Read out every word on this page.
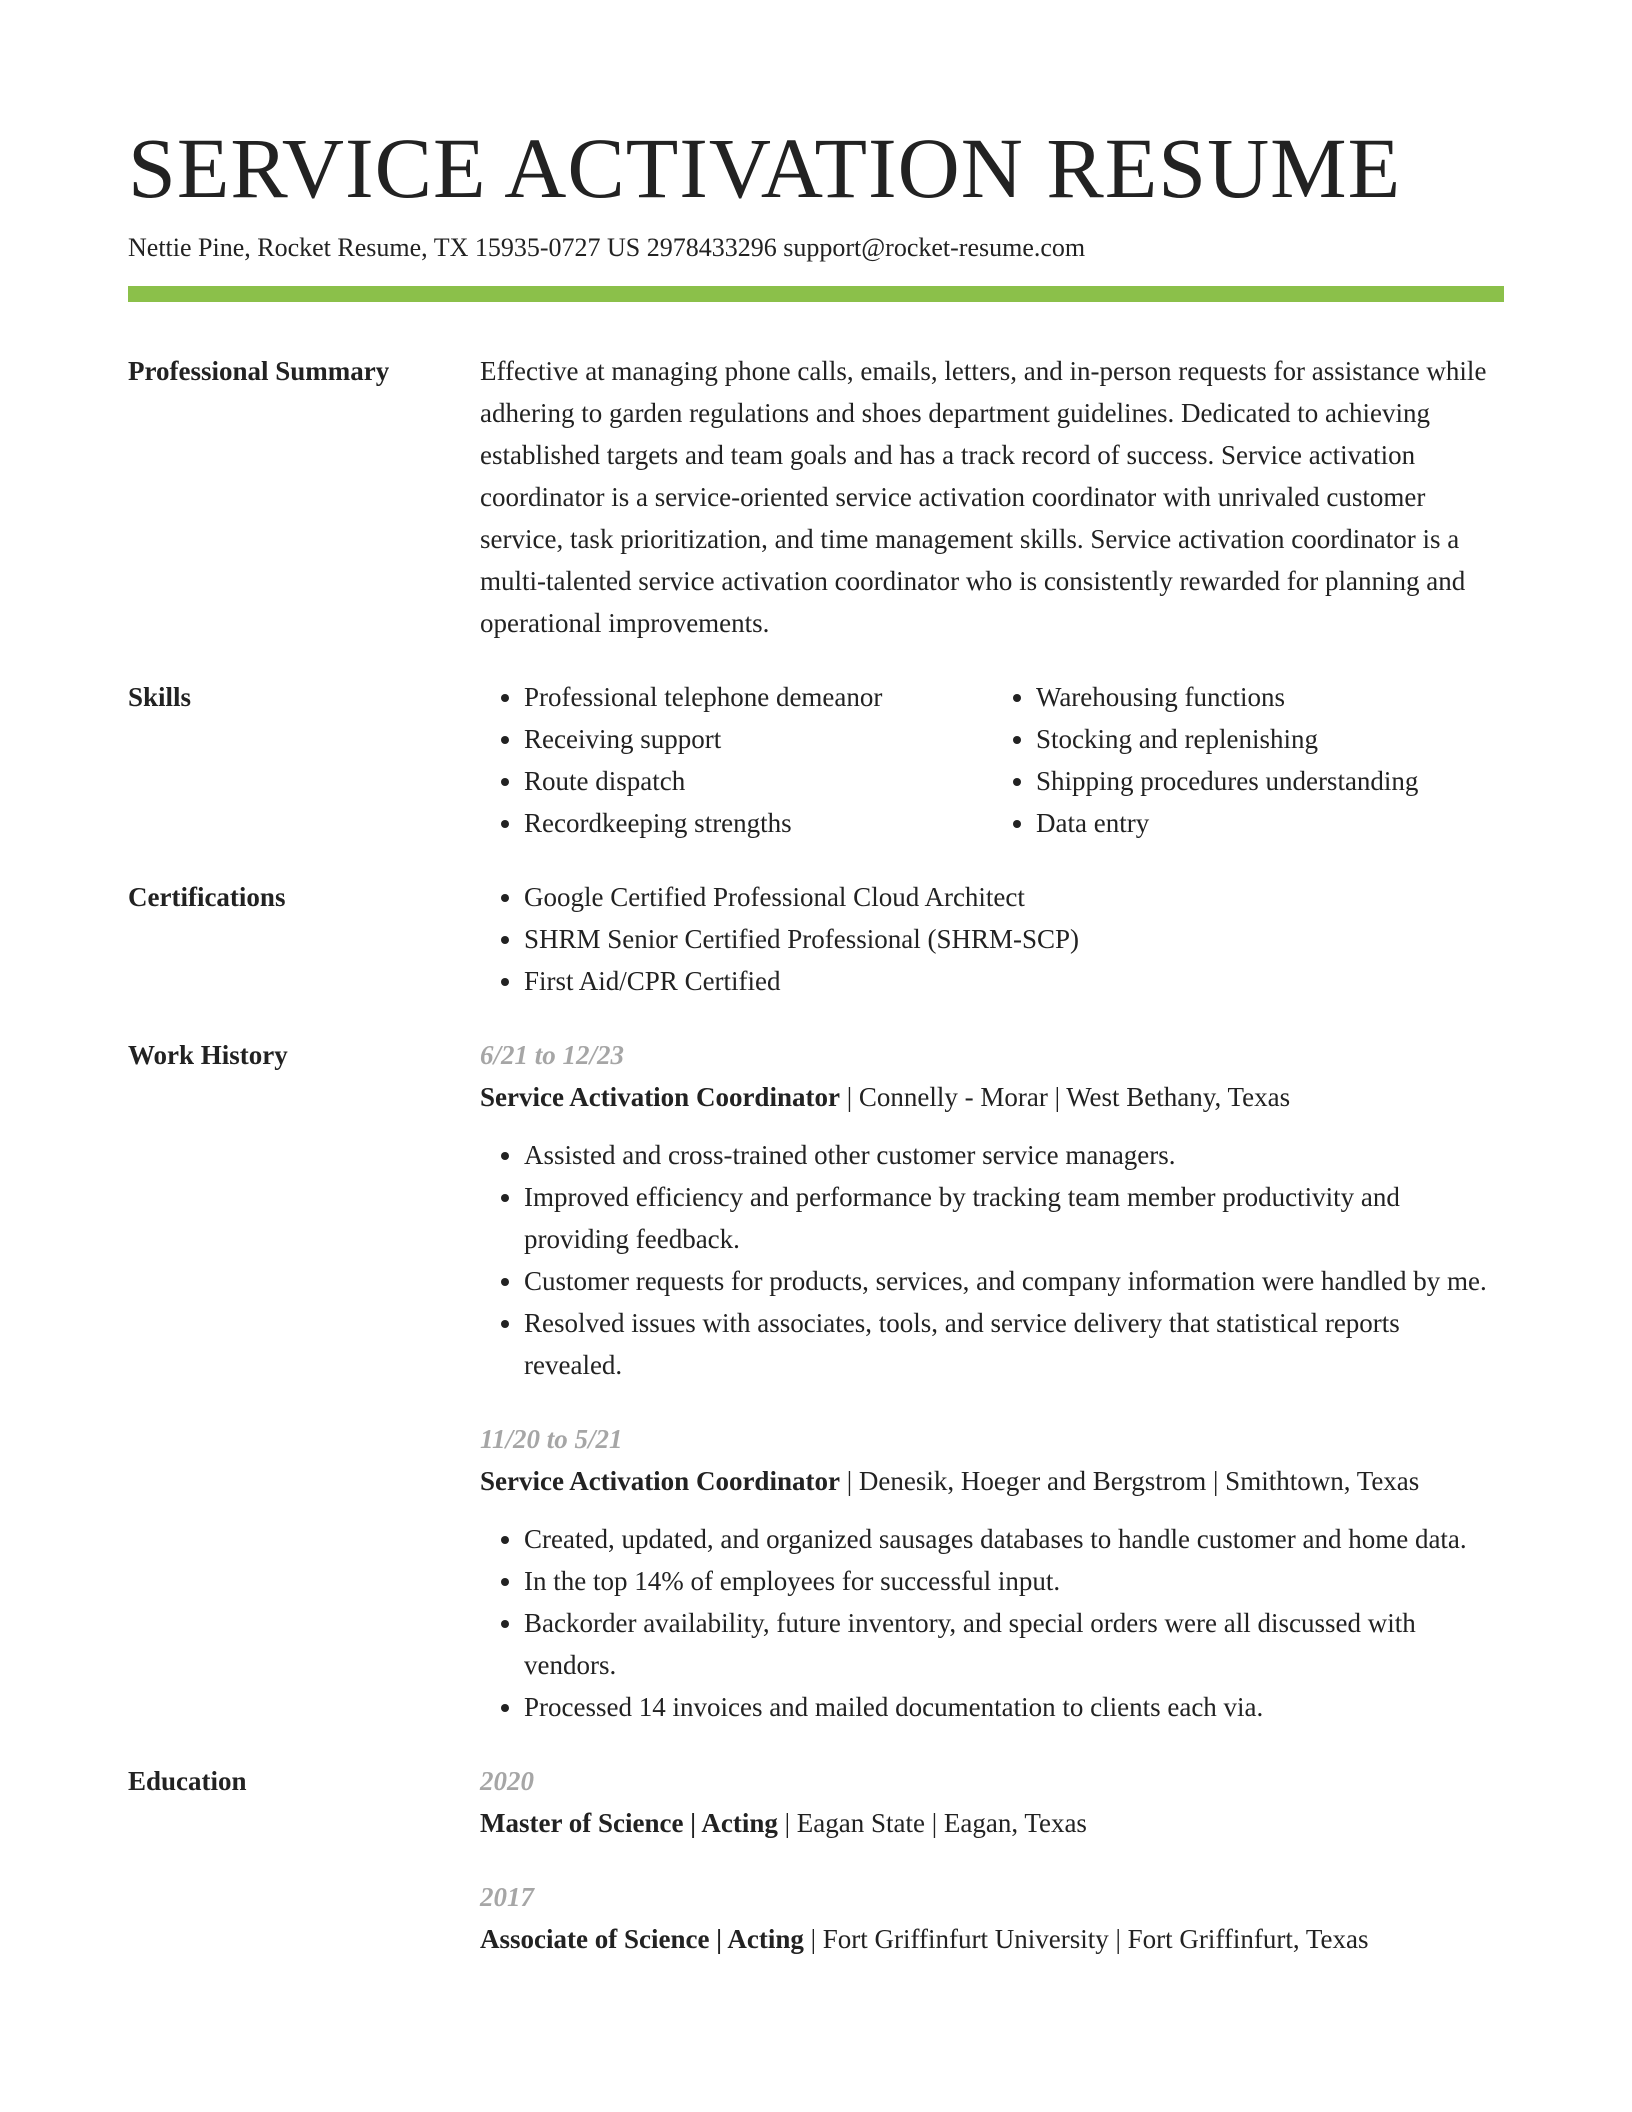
SERVICE ACTIVATION RESUME
Nettie Pine, Rocket Resume, TX 15935-0727 US 2978433296 support@rocket-resume.com
Professional Summary	Effective at managing phone calls, emails, letters, and in-person requests for assistance while adhering to garden regulations and shoes department guidelines. Dedicated to achieving established targets and team goals and has a track record of success. Service activation coordinator is a service-oriented service activation coordinator with unrivaled customer service, task prioritization, and time management skills. Service activation coordinator is a multi-talented service activation coordinator who is consistently rewarded for planning and operational improvements.

Skills	• Professional telephone demeanor
• Receiving support
• Route dispatch
• Recordkeeping strengths
• Warehousing functions
• Stocking and replenishing
• Shipping procedures understanding
• Data entry
Certifications	• Google Certified Professional Cloud Architect
• SHRM Senior Certified Professional (SHRM-SCP)
• First Aid/CPR Certified
Work History	6/21 to 12/23
Service Activation Coordinator | Connelly - Morar | West Bethany, Texas
• Assisted and cross-trained other customer service managers.
• Improved efficiency and performance by tracking team member productivity and providing feedback.
• Customer requests for products, services, and company information were handled by me.
• Resolved issues with associates, tools, and service delivery that statistical reports revealed.
11/20 to 5/21
Service Activation Coordinator | Denesik, Hoeger and Bergstrom | Smithtown, Texas
• Created, updated, and organized sausages databases to handle customer and home data.
• In the top 14% of employees for successful input.
• Backorder availability, future inventory, and special orders were all discussed with vendors.
• Processed 14 invoices and mailed documentation to clients each via.
Education	2020
Master of Science | Acting | Eagan State | Eagan, Texas
2017
Associate of Science | Acting | Fort Griffinfurt University | Fort Griffinfurt, Texas
